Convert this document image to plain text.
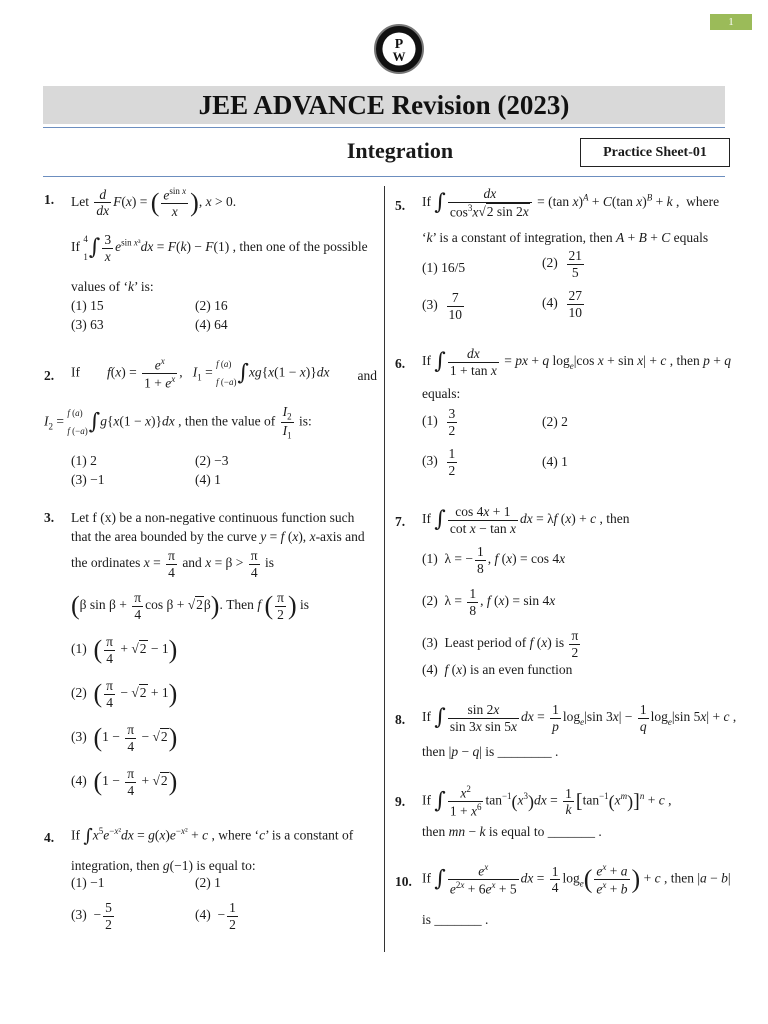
1
P
W
JEE ADVANCE Revision (2023)
Integration	Practice Sheet-01
1. Let $\frac{d}{dx} F(x)$ = ( $\frac{e^{sin x}}{x}$ ), x > 0.
If
4

1 ∫ $\frac{3}{x} e^{sin x^3}dx = F(k) - F(1)$ , then one of the possible
values of ‘k’ is:
(1) 15	(2) 16
(3) 63	(4) 64
2. If        $f(x) = \frac{e^x}{1 + e^x}$ ,   $I_1$ =
f (a)

f (−a) ∫xg{x(1 − x)}dx and
$I_2$ =
f (a)

f (−a) ∫g{x(1 − x)}dx , then the value of $\frac{I_2}{I_1}$ is:
(1) 2	(2) −3
(3) −1	(4) 1
3. Let f (x) be a non-negative continuous function such
that the area bounded by the curve y = f (x), x-axis and
the ordinates $x = \frac{\pi}{4}$ and $x = \beta > \frac{\pi}{4}$ is
(β $\sin \beta + \frac{\pi}{4}$ cos β + √2β). Then f ( $\frac{\pi}{2}$ ) is
(1)  ( $\frac{\pi}{4} + √2 - 1$)
(2)  ( $\frac{\pi}{4} - √2 + 1$)
(3)  $(1 - \frac{\pi}{4} - √2)$
(4)  $(1 - \frac{\pi}{4} + √2)$
4. If $\int x^5e^{-x^2}dx = g(x)e^{-x^2} + c$ , where ‘c’ is a constant of
integration, then g(−1) is equal to:
(1) −1	(2) 1
$(3) - \frac{5}{2}$	$(4) - \frac{1}{2}$
5. If ∫ $\frac{dx}{\cos^3x√2 \sin 2x} = (\tan$ x)$^A$ + C(tan x)$^B$ + k ,  where
‘k’ is a constant of integration, then A + B + C equals
(1) 16/5	$(2) \frac{21}{5}$
$(3) \frac{7}{10}$	$(4) \frac{27}{10}$
6. If ∫ $\frac{dx}{\text{1 + tan x}}$ = px + q $\log_e|\cos$ x + sin x| + c , then p + q
equals:
$(1) \frac{3}{2}$	(2) 2
$(3) \frac{1}{2}$	(4) 1
7. If ∫ $\frac{\cos 4x + 1}{\text{cot x − tan x}}$ dx = λf (x) + c , then
(1)  λ = − $\frac{1}{8}$ , f (x) = cos 4x
(2)  $\lambda = \frac{1}{8}$ , f (x) = sin 4x
(3)  Least period of f (x) is $\frac{\pi}{2}$
(4)  f (x) is an even function
8. If ∫ $\frac{\sin 2x}{\text{sin 3x sin 5x}}$ dx = $\frac{1}{p} \log_e|\sin$ $3x| - \frac{1}{q} \log_e|\sin$ 5x| + c ,
then |p − q| is ________ .
9. If ∫ $\frac{x^2}{1 + x^6} \tan^{-1}(x^3)dx = \frac{1}{k} [\tan^{-1}(x^m)]^n + c$ ,
then mn − k is equal to _______ .
10. If ∫ $\frac{e^x}{e^{2x} + 6e^x + 5}$ dx = $\frac{1}{4} \log_e( \frac{e^x + a}{e^x + b}$ ) + c , then |a − b|
is _______ .
